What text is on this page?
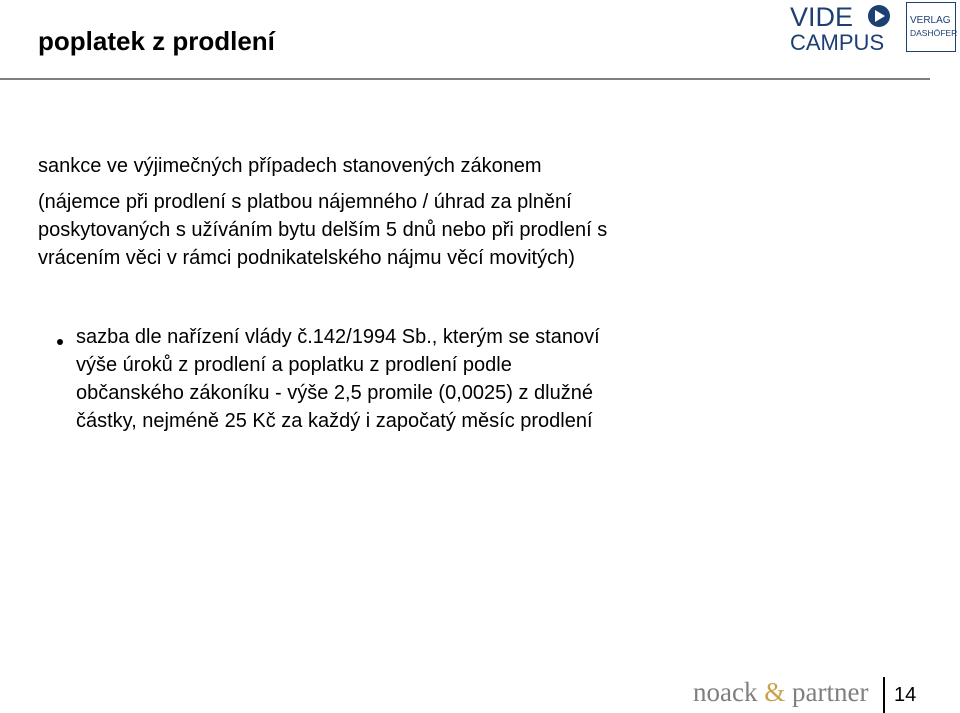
poplatek z prodlení
VIDE
CAMPUS
VERLAG
DASHÖFER

sankce ve výjimečných případech stanovených zákonem

(nájemce při prodlení s platbou nájemného / úhrad za plnění

poskytovaných s užíváním bytu delším 5 dnů nebo při prodlení s

vrácením věci v rámci podnikatelského nájmu věcí movitých)

sazba dle nařízení vlády č.142/1994 Sb., kterým se stanoví
výše úroků z prodlení a poplatku z prodlení podle
občanského zákoníku - výše 2,5 promile (0,0025) z dlužné
částky, nejméně 25 Kč za každý i započatý měsíc prodlení
noack & partner 14
